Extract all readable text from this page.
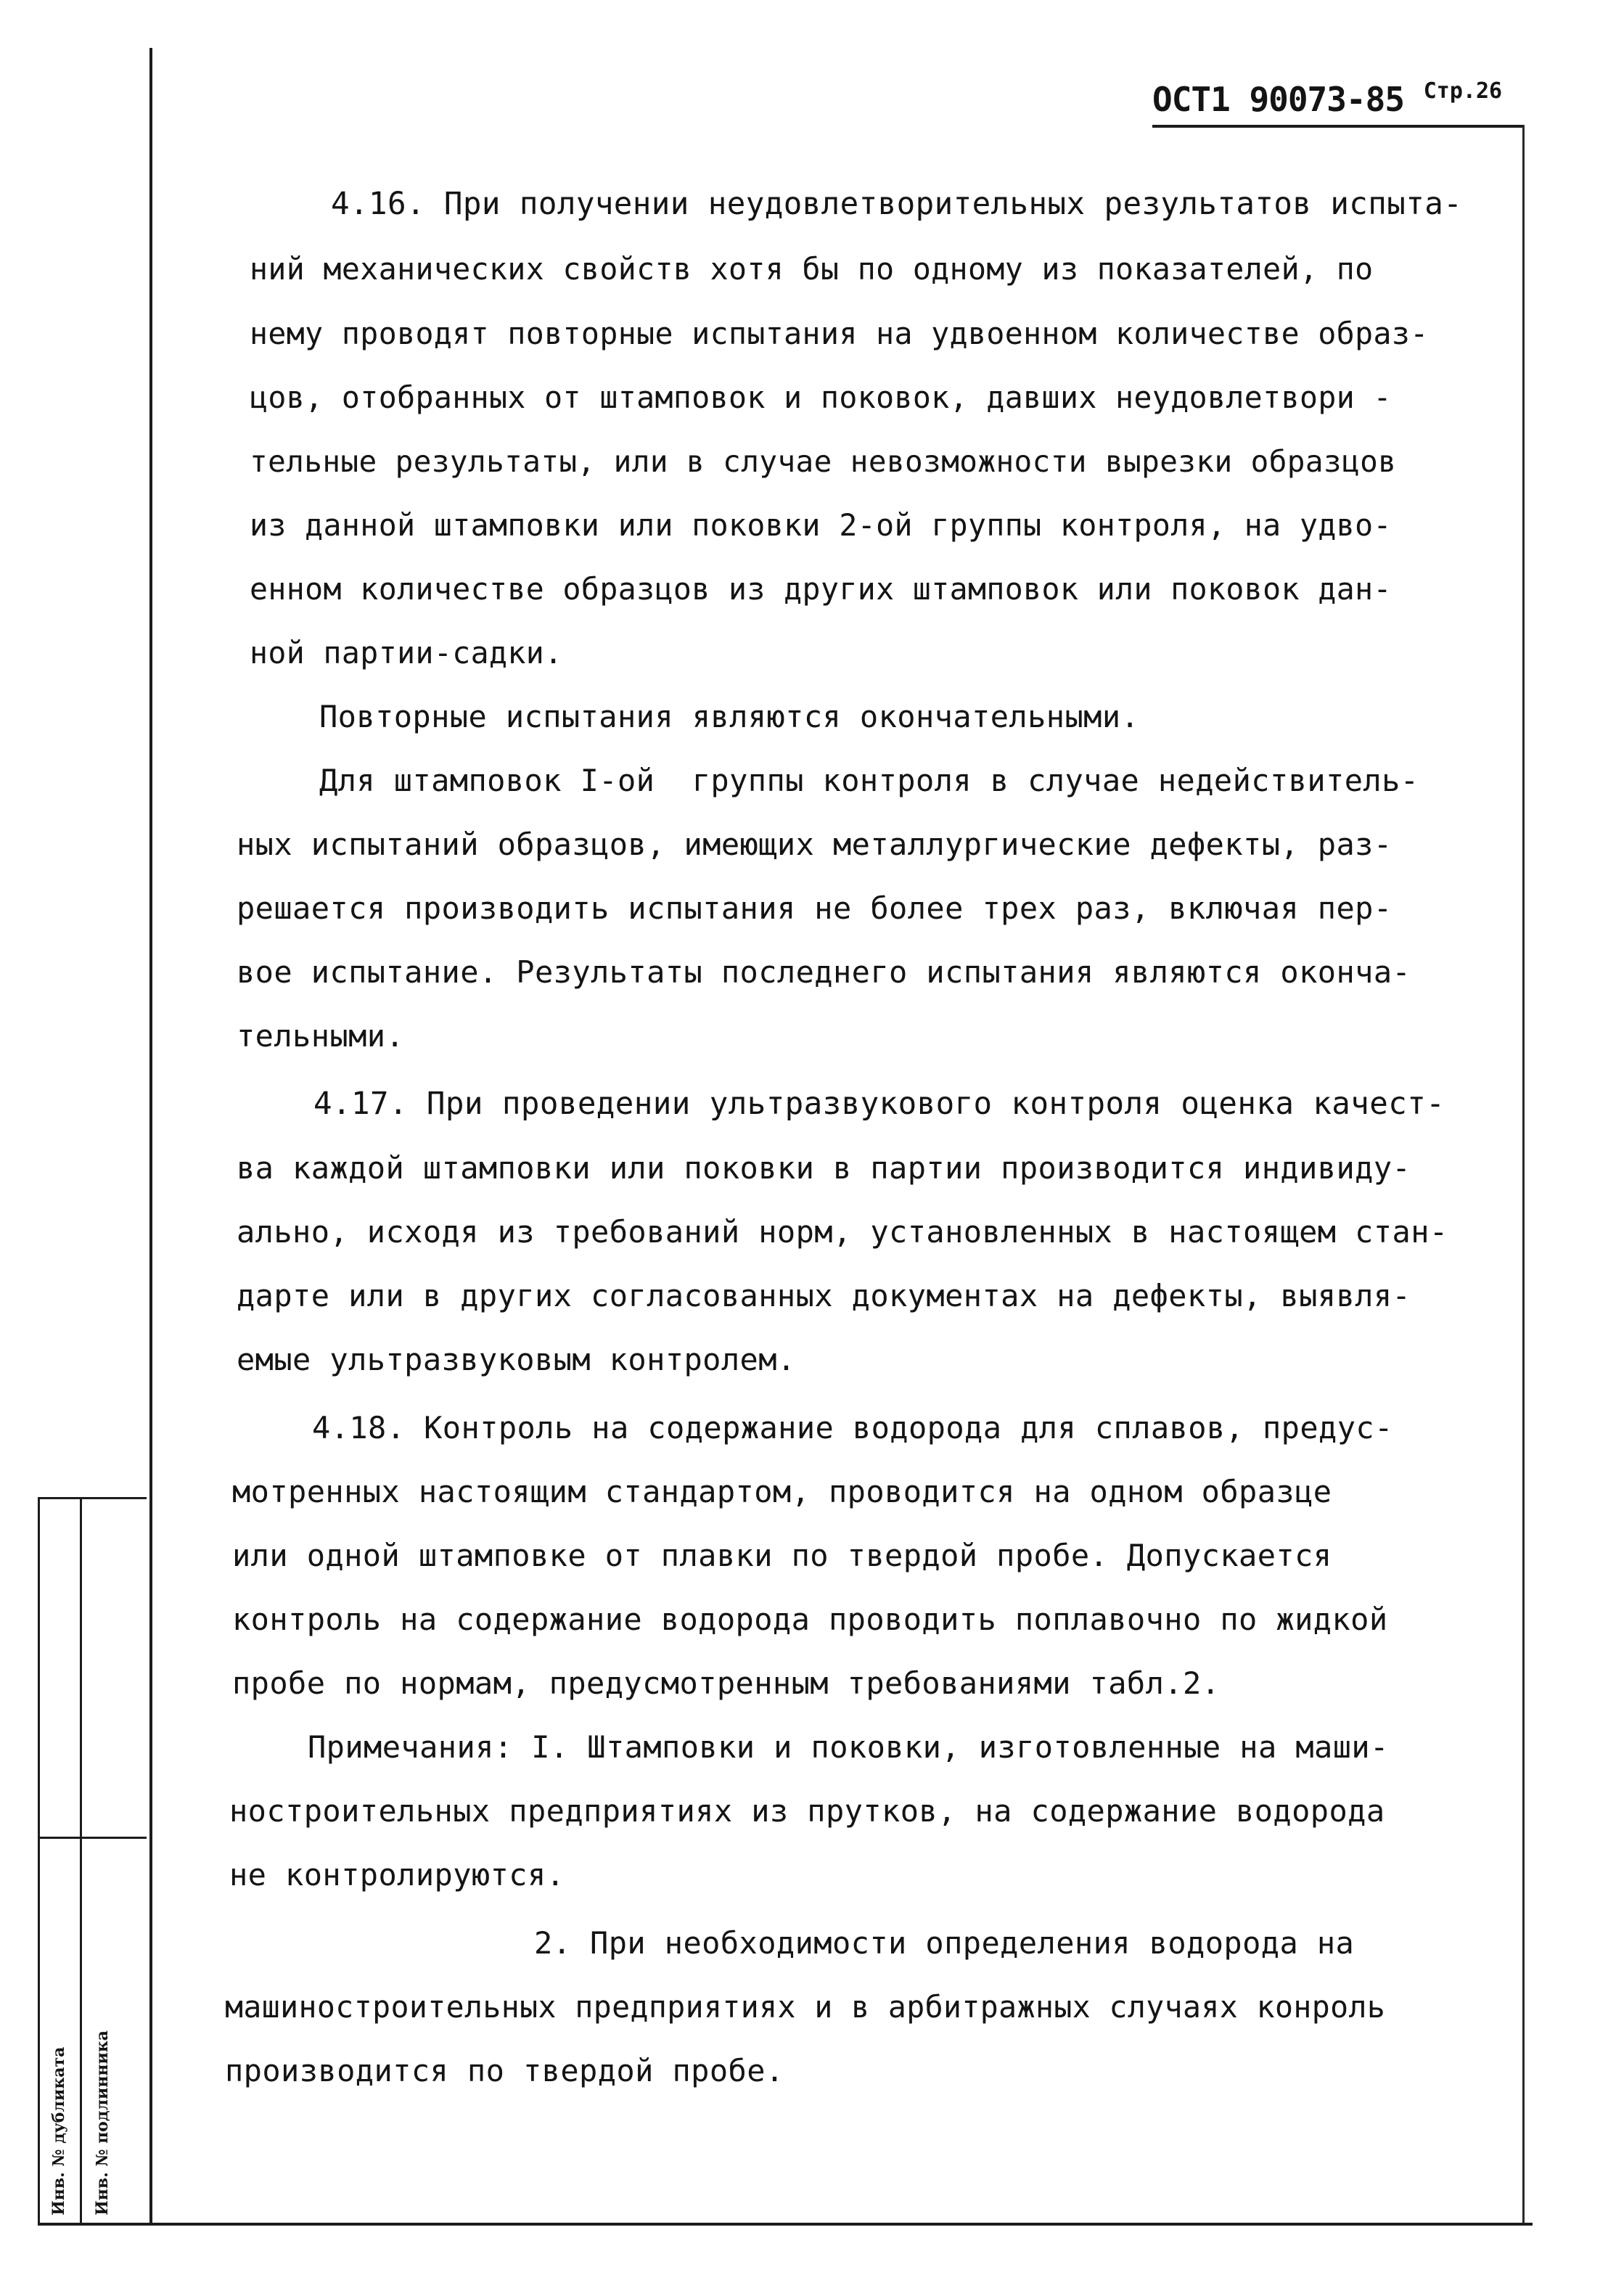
ОСТ1 90073-85 $^{Стр.26}$
4.16. При получении неудовлетворительных результатов испыта-
ний механических свойств хотя бы по одному из показателей, по
нему проводят повторные испытания на удвоенном количестве образ-
цов, отобранных от штамповок и поковок, давших неудовлетвори -
тельные результаты, или в случае невозможности вырезки образцов
из данной штамповки или поковки 2-ой группы контроля, на удво-
енном количестве образцов из других штамповок или поковок дан-
ной партии-садки.
Повторные испытания являются окончательными.
Для штамповок I-ой  группы контроля в случае недействитель-
ных испытаний образцов, имеющих металлургические дефекты, раз-
решается производить испытания не более трех раз, включая пер-
вое испытание. Результаты последнего испытания являются оконча-
тельными.
4.17. При проведении ультразвукового контроля оценка качест-
ва каждой штамповки или поковки в партии производится индивиду-
ально, исходя из требований норм, установленных в настоящем стан-
дарте или в других согласованных документах на дефекты, выявля-
емые ультразвуковым контролем.
4.18. Контроль на содержание водорода для сплавов, предус-
мотренных настоящим стандартом, проводится на одном образце
или одной штамповке от плавки по твердой пробе. Допускается
контроль на содержание водорода проводить поплавочно по жидкой
пробе по нормам, предусмотренным требованиями табл.2.
Примечания: I. Штамповки и поковки, изготовленные на маши-
ностроительных предприятиях из прутков, на содержание водорода
не контролируются.
2. При необходимости определения водорода на
машиностроительных предприятиях и в арбитражных случаях конроль
производится по твердой пробе.
Инв. № дубликата Инв. № подлинника
